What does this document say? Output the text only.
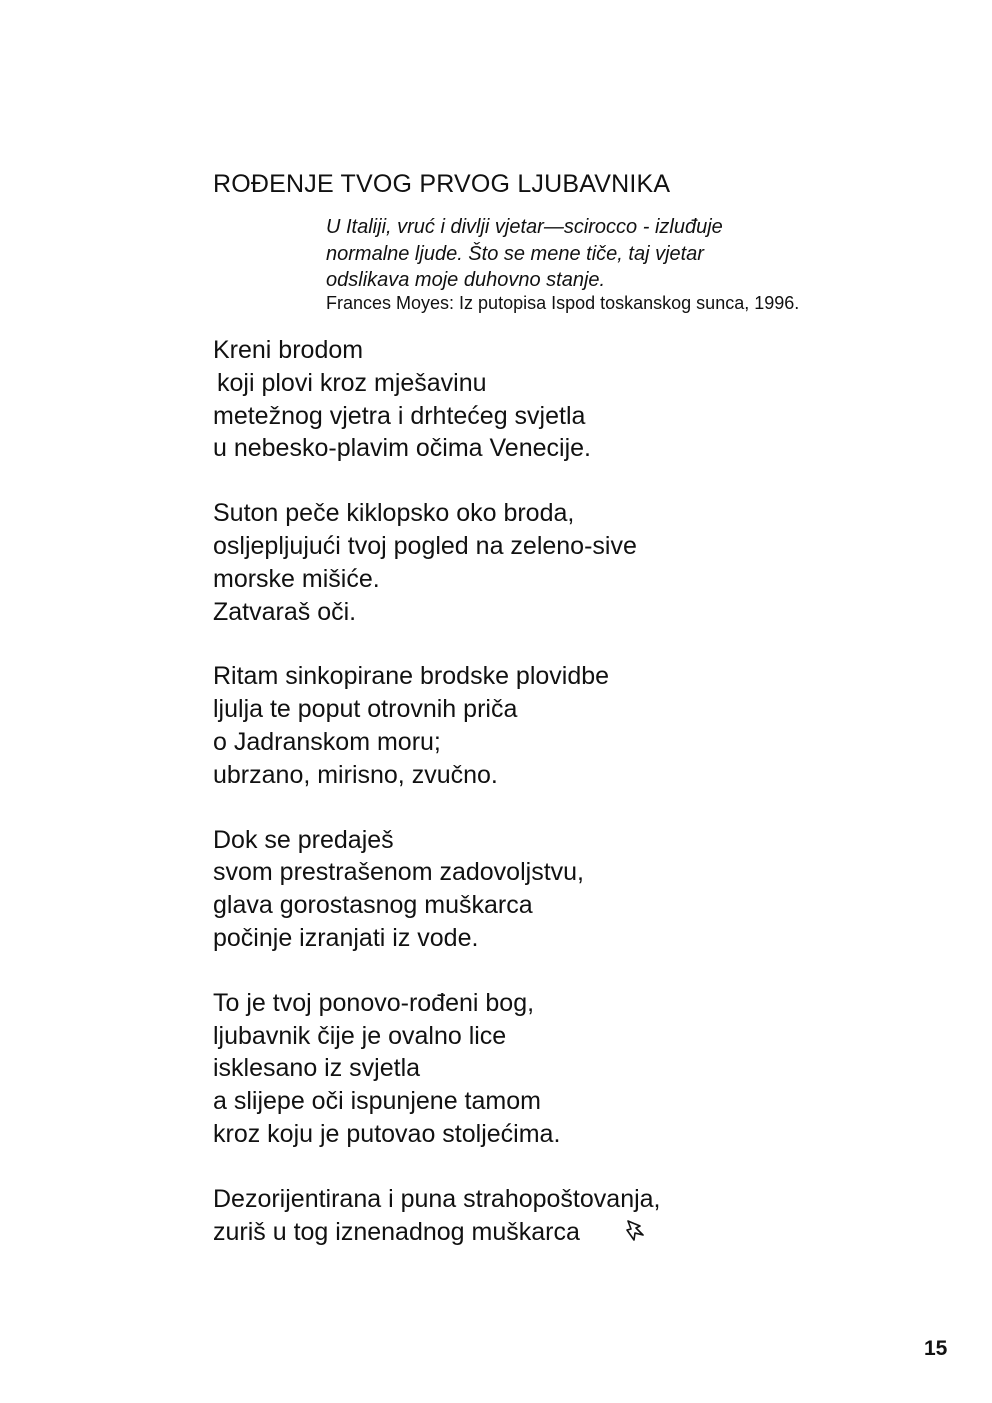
ROĐENJE TVOG PRVOG LJUBAVNIKA
U Italiji, vruć i divlji vjetar—scirocco - izluđuje
normalne ljude. Što se mene tiče, taj vjetar
odslikava moje duhovno stanje.
Frances Moyes: Iz putopisa Ispod toskanskog sunca, 1996.
Kreni brodom
koji plovi kroz mješavinu
metežnog vjetra i drhtećeg svjetla
u nebesko-plavim očima Venecije.
Suton peče kiklopsko oko broda,
osljepljujući tvoj pogled na zeleno-sive
morske mišiće.
Zatvaraš oči.
Ritam sinkopirane brodske plovidbe
ljulja te poput otrovnih priča
o Jadranskom moru;
ubrzano, mirisno, zvučno.
Dok se predaješ
svom prestrašenom zadovoljstvu,
glava gorostasnog muškarca
počinje izranjati iz vode.
To je tvoj ponovo-rođeni bog,
ljubavnik čije je ovalno lice
isklesano iz svjetla
a slijepe oči ispunjene tamom
kroz koju je putovao stoljećima.
Dezorijentirana i puna strahopoštovanja,
zuriš u tog iznenadnog muškarca
15
